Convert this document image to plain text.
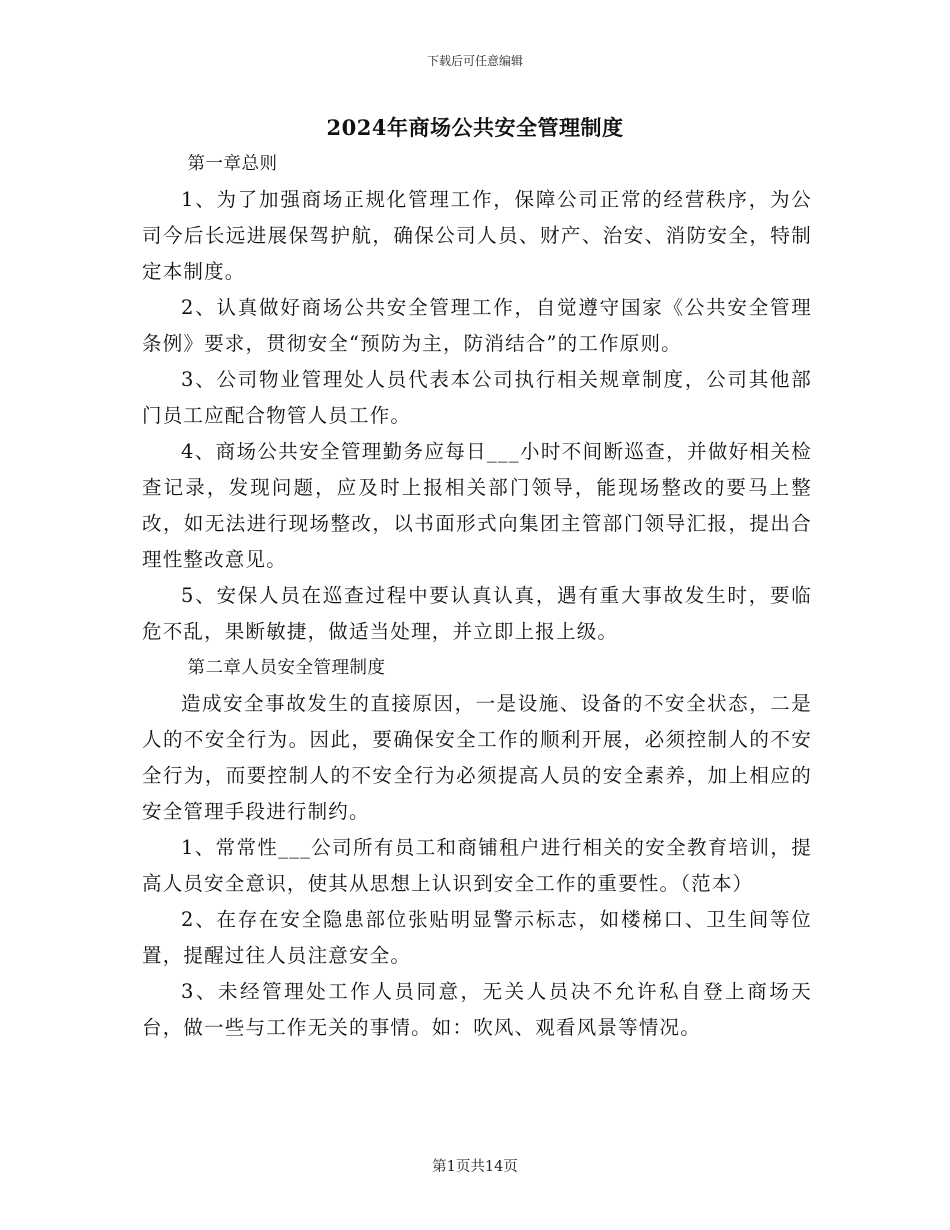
下载后可任意编辑
2024年商场公共安全管理制度

第一章总则

1、为了加强商场正规化管理工作，保障公司正常的经营秩序，为公司今后长远进展保驾护航，确保公司人员、财产、治安、消防安全，特制定本制度。

2、认真做好商场公共安全管理工作，自觉遵守国家《公共安全管理条例》要求，贯彻安全“预防为主，防消结合”的工作原则。

3、公司物业管理处人员代表本公司执行相关规章制度，公司其他部门员工应配合物管人员工作。

4、商场公共安全管理勤务应每日___小时不间断巡查，并做好相关检查记录，发现问题，应及时上报相关部门领导，能现场整改的要马上整改，如无法进行现场整改，以书面形式向集团主管部门领导汇报，提出合理性整改意见。

5、安保人员在巡查过程中要认真认真，遇有重大事故发生时，要临危不乱，果断敏捷，做适当处理，并立即上报上级。

第二章人员安全管理制度

造成安全事故发生的直接原因，一是设施、设备的不安全状态，二是人的不安全行为。因此，要确保安全工作的顺利开展，必须控制人的不安全行为，而要控制人的不安全行为必须提高人员的安全素养，加上相应的安全管理手段进行制约。

1、常常性___公司所有员工和商铺租户进行相关的安全教育培训，提高人员安全意识，使其从思想上认识到安全工作的重要性。（范本）

2、在存在安全隐患部位张贴明显警示标志，如楼梯口、卫生间等位置，提醒过往人员注意安全。

3、未经管理处工作人员同意，无关人员决不允许私自登上商场天台，做一些与工作无关的事情。如：吹风、观看风景等情况。

第1页共14页
